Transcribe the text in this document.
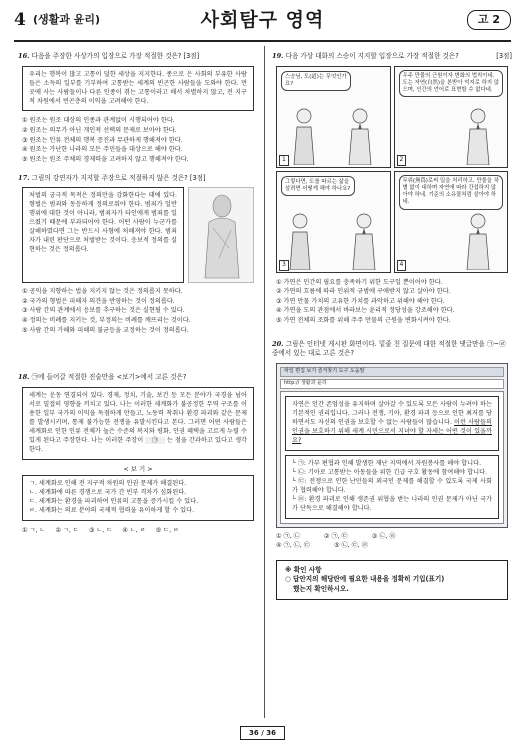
4 (생활과 윤리)	사회탐구 영역	고 2
16. 다음을 주장한 사상가의 입장으로 가장 적절한 것은? [3점]
우리는 행복이 많고 고통이 덜한 세상을 지지한다. 종으로 은 사회의 부유한 사람들은 소득의 일부를 기부하여 고통받는 세계의 빈곤한 사람들을 도와야 한다. 먼 곳에 사는 사람들이나 다른 인종이 겪는 고통이라고 해서 차별하지 않고, 전 지구적 차원에서 빈곤층의 이익을 고려해야 한다.
① 원조는 원조 대상의 인종과 관계없이 시행되어야 한다.
② 원조는 의무가 아닌 개인적 선택의 문제로 보아야 한다.
③ 원조는 인류 전체의 행복 증진과 무관하게 행해져야 한다.
④ 원조는 가난한 나라의 모든 주민들을 대상으로 해야 한다.
⑤ 원조는 원조 주체의 경제력을 고려하지 않고 행해져야 한다.
17. 그림의 강연자가 지지할 주장으로 적절하지 않은 것은? [3점]
처벌의 궁극적 목적은 정의만을 강화한다는 데에 있다. 형벌은 범죄와 동등하게 정의로워야 한다. 범죄가 일반 행위에 대한 것이 아니라, 범죄자가 타인에게 범죄를 일으켰기 때문에 부과되어야 한다. 어떤 사람이 누군가를 살해하였다면 그는 반드시 사형에 처해져야 한다. 범죄자가 내린 판단으로 처벌받는 것이다. 응보적 정의를 실현하는 것은 정의롭다.
① 공익을 지향하는 법을 지키지 않는 것은 정의롭지 못하다.
② 국가의 형벌은 피해자 의견을 반영하는 것이 정의롭다.
③ 사람 간의 관계에서 응보를 추구하는 것은 실현될 수 있다.
④ 정의는 비례를 지키는 것, 부정의는 비례를 깨뜨리는 것이다.
⑤ 사람 간의 가해와 피해의 불균등을 교정하는 것이 정의롭다.
18. ㉠에 들어갈 적절한 진술만을 <보기>에서 고른 것은?
세계는 운동 연결되어 있다. 경제, 정치, 기술, 보건 등 모든 분야가 국경을 넘어 서로 밀접히 영향을 끼치고 있다. 나는 이러한 세계화가 불공정한 무역 구조를 이용한 일부 국가의 이익을 독점하게 만들고, 노동력 착취나 환경 파괴와 같은 문제를 발생시키며, 통제 불가능한 전쟁을 유발시킨다고 본다. 그러면 어떤 사람들은 세계화로 인한 인류 전체가 높은 수준의 복지와 평화, 인권 혜택을 고르게 누릴 수 있게 된다고 주장한다. 나는 이러한 주장이 ㉠ 는 점을 간과하고 있다고 생각한다.
< 보 기 >
ㄱ. 세계화로 인해 전 지구적 차원의 인권 문제가 해결된다.
ㄴ. 세계화에 따른 경쟁으로 국가 간 빈부 격차가 심화된다.
ㄷ. 세계화는 환경을 파괴하여 인류의 고통을 증가시킬 수 있다.
ㄹ. 세계화는 의료 분야의 국제적 협력을 유이하게 할 수 있다.
① ㄱ, ㄴ ② ㄱ, ㄷ ③ ㄴ, ㄷ ④ ㄴ, ㄹ ⑤ ㄷ, ㄹ
19. 다음 가상 대화의 스승이 지지할 입장으로 가장 적절한 것은?	[3점]
스승님, 도(道)는 무엇인가요?
1
우주 만물의 근원이자 변화의 법칙이네. 도는 자연(自然)을 본받아 억지로 하지 않으며, 인간의 언어로 표현할 수 없다네.
2
그렇다면, 도를 따르는 삶을 살려면 어떻게 해야 하나요?
3
무위(無爲)로써 일을 처리하고, 만물을 차별 없이 대하며 자연에 따라 간섭하지 않아야 하네. 기준의 소유물처럼 살아야 하네.
4
① 가연은 인간의 필요를 충족하기 위한 도구일 뿐이어야 한다.
② 가연의 흐름에 따라 인위적 규범에 구애받지 않고 살아야 한다.
③ 가연 만물 가치의 고유한 가치를 과악하고 위해야 해야 한다.
④ 가연을 도의 관점에서 바라보는 윤리적 정당성을 강조해야 한다.
⑤ 가연 전체의 조화를 위해 주주 만물의 근원을 변화시켜야 한다.
20. 그림은 인터넷 게시판 화면이다. 밑줄 친 질문에 대한 적절한 댓글만을 ㉠~㉣ 중에서 있는 대로 고른 것은?
파일 편집 보기 즐겨찾기 도구 도움말
http:// 생활과 윤리
자연은 인간 존엄성을 유지하며 살아갈 수 있도록 모든 사람이 누려야 하는 기본적인 권리입니다. 그러나 전쟁, 기아, 환경 파괴 등으로 인한 최저를 당하면서도 자신의 인권을 보호할 수 없는 사람들이 많습니다. 이런 사람들의 인권을 보호하기 위해 세계 시민으로서 지녀야 할 자세는 어떤 것이 있을까요?
└ ㉠: 가부 편협과 인해 발생한 재난 지역에서 자원봉사를 해야 합니다.
└ ㉡: 기아로 고통받는 아동들을 위한 긴급 구호 활동에 참여해야 합니다.
└ ㉢: 전쟁으로 인한 난민들의 외국인 문제를 해결할 수 있도록 국제 사회가 협력해야 합니다.
└ ㉣: 환경 파괴로 인해 생존권 위협을 받는 나라의 인권 문제가 아닌 국가가 단독으로 해결해야 합니다.
① ㉠, ㉡	② ㉠, ㉢	③ ㉡, ㉣
④ ㉠, ㉡, ㉢	⑤ ㉡, ㉢, ㉣
※ 확인 사항
○ 답안지의 해당란에 필요한 내용을 정확히 기입(표기)
했는지 확인하시오.
36 / 36
